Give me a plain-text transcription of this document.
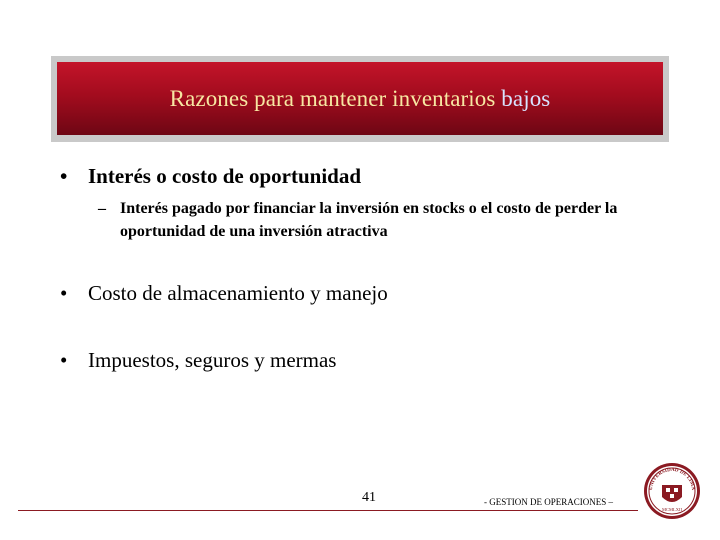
Razones para mantener inventarios bajos
• Interés o costo de oportunidad
– Interés pagado por financiar la inversión en stocks o el costo de perder la oportunidad de una inversión atractiva
• Costo de almacenamiento y manejo
• Impuestos, seguros y mermas
41	- GESTION DE OPERACIONES –
UNIVERSIDAD DE LIMA
MCMLXII
